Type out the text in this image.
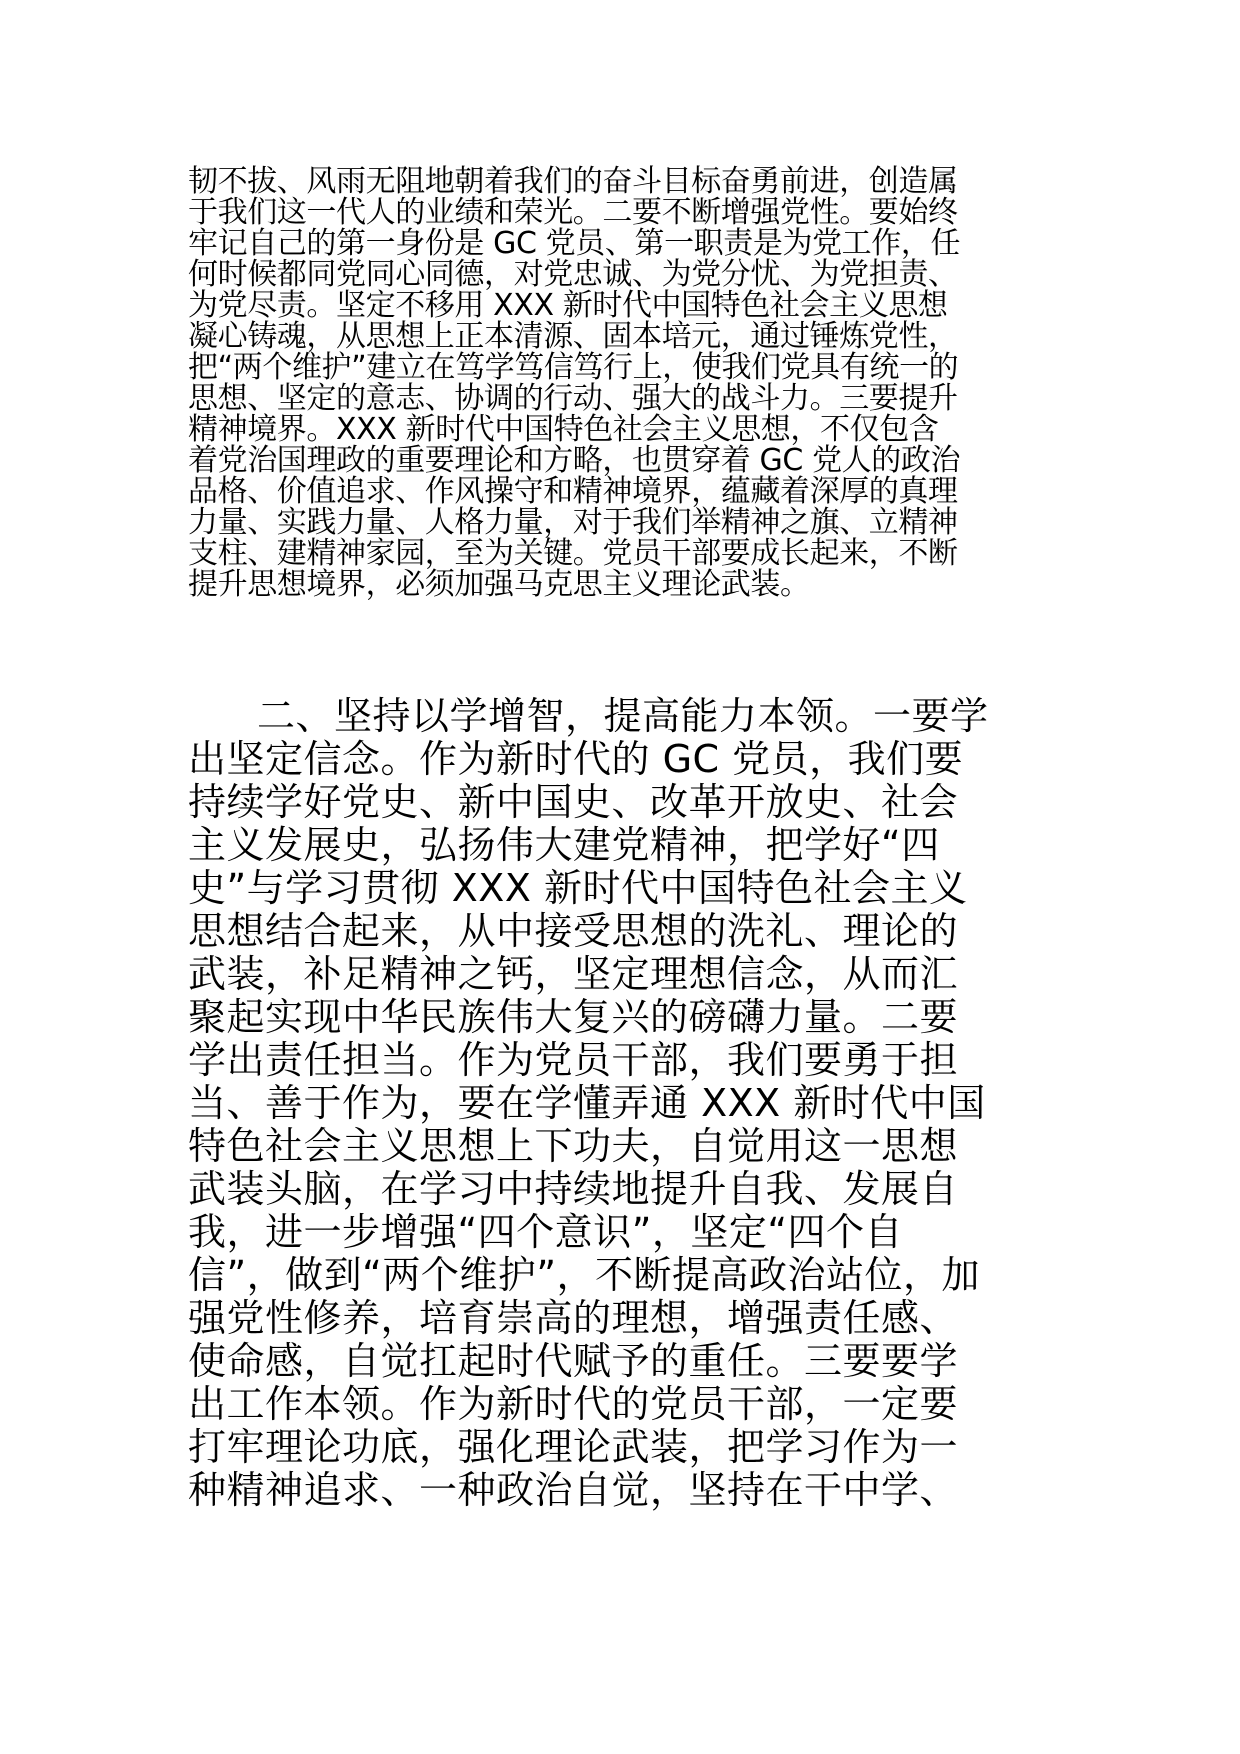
韧不拔、风雨无阻地朝着我们的奋斗目标奋勇前进，创造属
于我们这一代人的业绩和荣光。二要不断增强党性。要始终
牢记自己的第一身份是 GC 党员、第一职责是为党工作，任
何时候都同党同心同德，对党忠诚、为党分忧、为党担责、
为党尽责。坚定不移用 XXX 新时代中国特色社会主义思想
凝心铸魂，从思想上正本清源、固本培元，通过锤炼党性，
把“两个维护”建立在笃学笃信笃行上，使我们党具有统一的
思想、坚定的意志、协调的行动、强大的战斗力。三要提升
精神境界。XXX 新时代中国特色社会主义思想，不仅包含
着党治国理政的重要理论和方略，也贯穿着 GC 党人的政治
品格、价值追求、作风操守和精神境界，蕴藏着深厚的真理
力量、实践力量、人格力量，对于我们举精神之旗、立精神
支柱、建精神家园，至为关键。党员干部要成长起来，不断
提升思想境界，必须加强马克思主义理论武装。
二、坚持以学增智，提高能力本领。一要学
出坚定信念。作为新时代的 GC 党员，我们要
持续学好党史、新中国史、改革开放史、社会
主义发展史，弘扬伟大建党精神，把学好“四
史”与学习贯彻 XXX 新时代中国特色社会主义
思想结合起来，从中接受思想的洗礼、理论的
武装，补足精神之钙，坚定理想信念，从而汇
聚起实现中华民族伟大复兴的磅礴力量。二要
学出责任担当。作为党员干部，我们要勇于担
当、善于作为，要在学懂弄通 XXX 新时代中国
特色社会主义思想上下功夫，自觉用这一思想
武装头脑，在学习中持续地提升自我、发展自
我，进一步增强“四个意识”，坚定“四个自
信”，做到“两个维护”，不断提高政治站位，加
强党性修养，培育崇高的理想，增强责任感、
使命感，自觉扛起时代赋予的重任。三要要学
出工作本领。作为新时代的党员干部，一定要
打牢理论功底，强化理论武装，把学习作为一
种精神追求、一种政治自觉，坚持在干中学、
